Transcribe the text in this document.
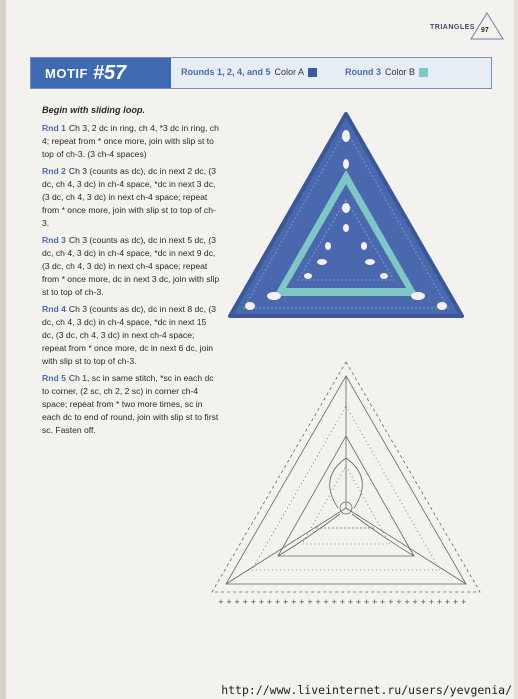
TRIANGLES 97
MOTIF #57	Rounds 1, 2, 4, and 5 Color A	Round 3 Color B
Begin with sliding loop.
Rnd 1 Ch 3, 2 dc in ring, ch 4, *3 dc in ring, ch 4; repeat from * once more, join with slip st to top of ch-3. (3 ch-4 spaces)
Rnd 2 Ch 3 (counts as dc), dc in next 2 dc, (3 dc, ch 4, 3 dc) in ch-4 space, *dc in next 3 dc, (3 dc, ch 4, 3 dc) in next ch-4 space; repeat from * once more, join with slip st to top of ch-3.
Rnd 3 Ch 3 (counts as dc), dc in next 5 dc, (3 dc, ch 4, 3 dc) in ch-4 space, *dc in next 9 dc, (3 dc, ch 4, 3 dc) in next ch-4 space; repeat from * once more, dc in next 3 dc, join with slip st to top of ch-3.
Rnd 4 Ch 3 (counts as dc), dc in next 8 dc, (3 dc, ch 4, 3 dc) in ch-4 space, *dc in next 15 dc, (3 dc, ch 4, 3 dc) in next ch-4 space; repeat from * once more, dc in next 6 dc, join with slip st to top of ch-3.
Rnd 5 Ch 1, sc in same stitch, *sc in each dc to corner, (2 sc, ch 2, 2 sc) in corner ch-4 space; repeat from * two more times, sc in each dc to end of round, join with slip st to first sc. Fasten off.
+ + + + + + + + + + + + + + + + + + + + + + + + + + + + + + +
http://www.liveinternet.ru/users/yevgenia/
